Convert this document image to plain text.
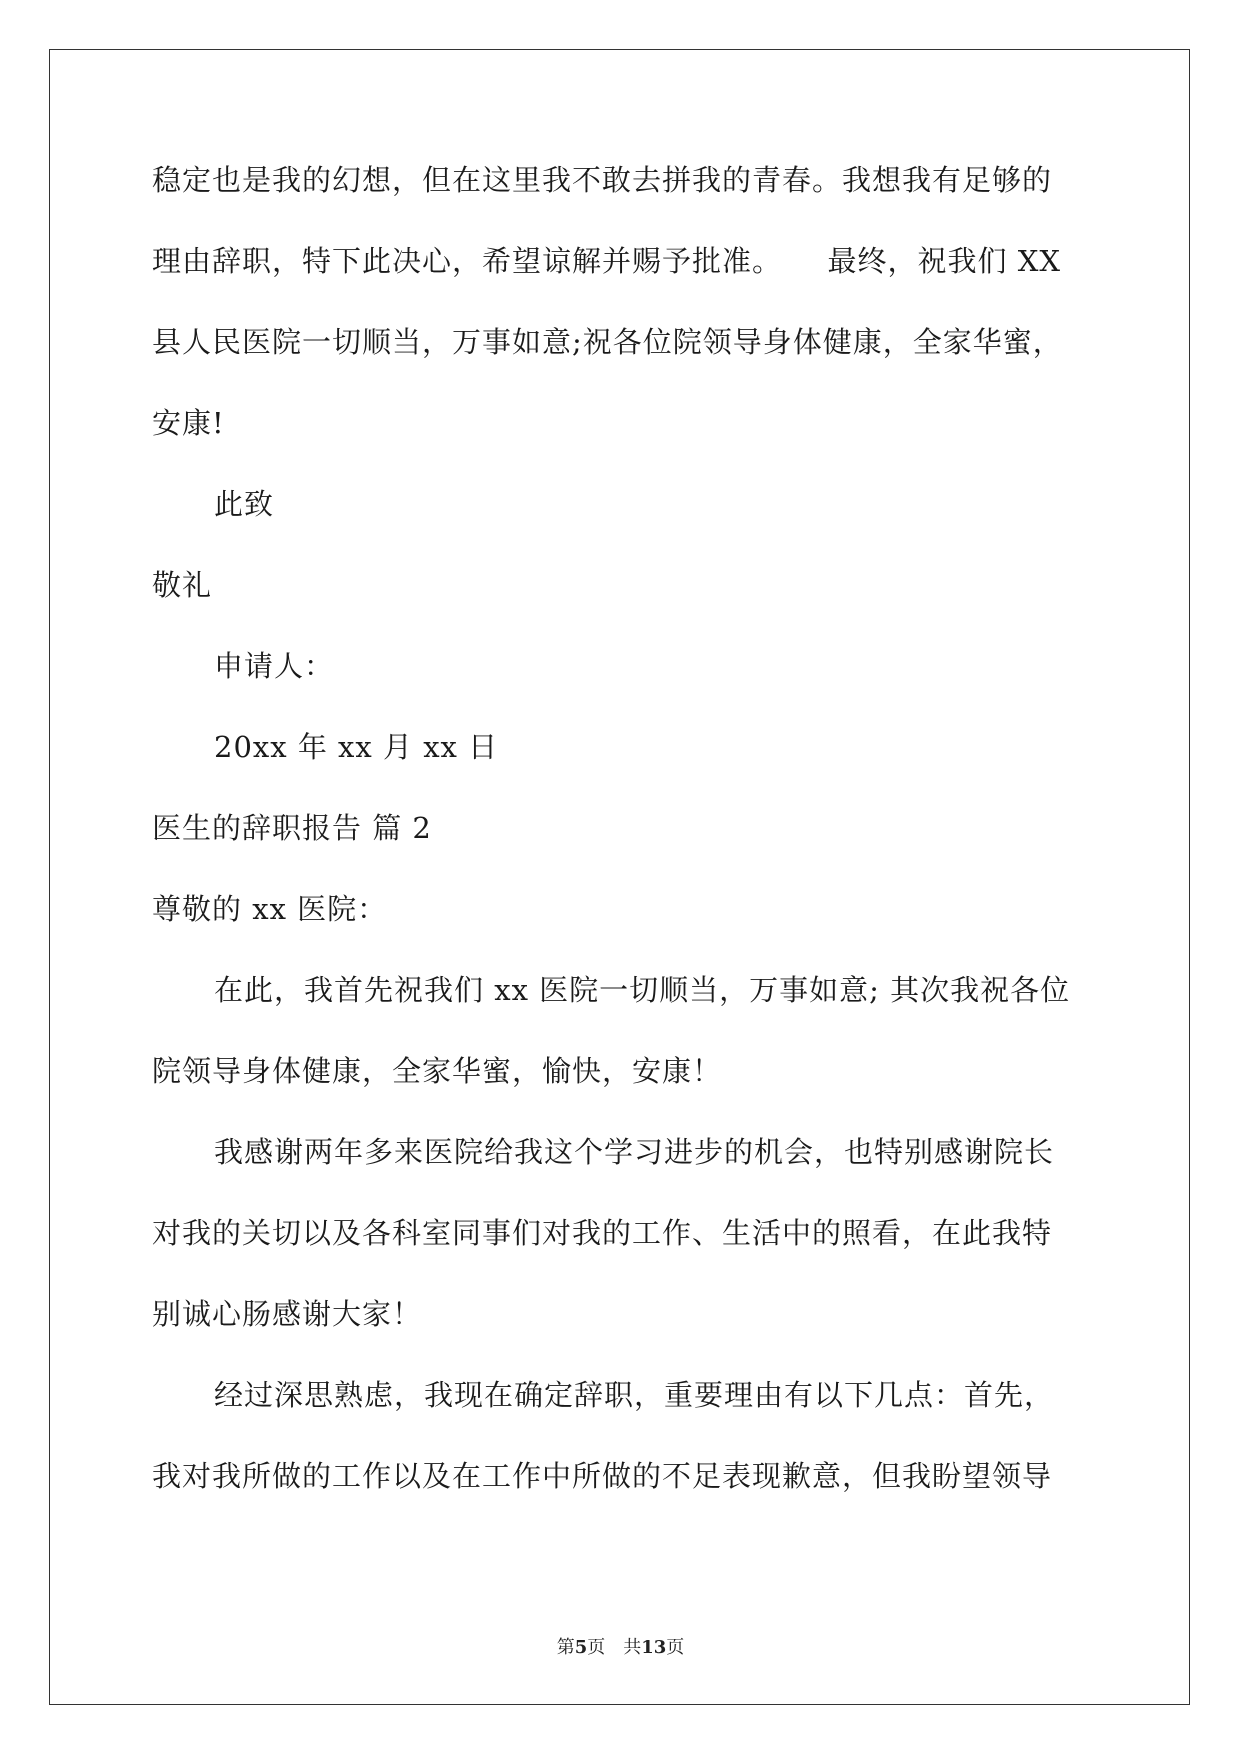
稳定也是我的幻想，但在这里我不敢去拼我的青春。我想我有足够的
理由辞职，特下此决心，希望谅解并赐予批准。　　最终，祝我们 XX
县人民医院一切顺当，万事如意;祝各位院领导身体健康，全家华蜜，
安康!
此致
敬礼
申请人：
20xx 年 xx 月 xx 日
医生的辞职报告 篇 2
尊敬的 xx 医院：
在此，我首先祝我们 xx 医院一切顺当，万事如意; 其次我祝各位
院领导身体健康，全家华蜜，愉快，安康！
我感谢两年多来医院给我这个学习进步的机会，也特别感谢院长
对我的关切以及各科室同事们对我的工作、生活中的照看，在此我特
别诚心肠感谢大家！
经过深思熟虑，我现在确定辞职，重要理由有以下几点：首先，
我对我所做的工作以及在工作中所做的不足表现歉意，但我盼望领导
第5页 共13页
